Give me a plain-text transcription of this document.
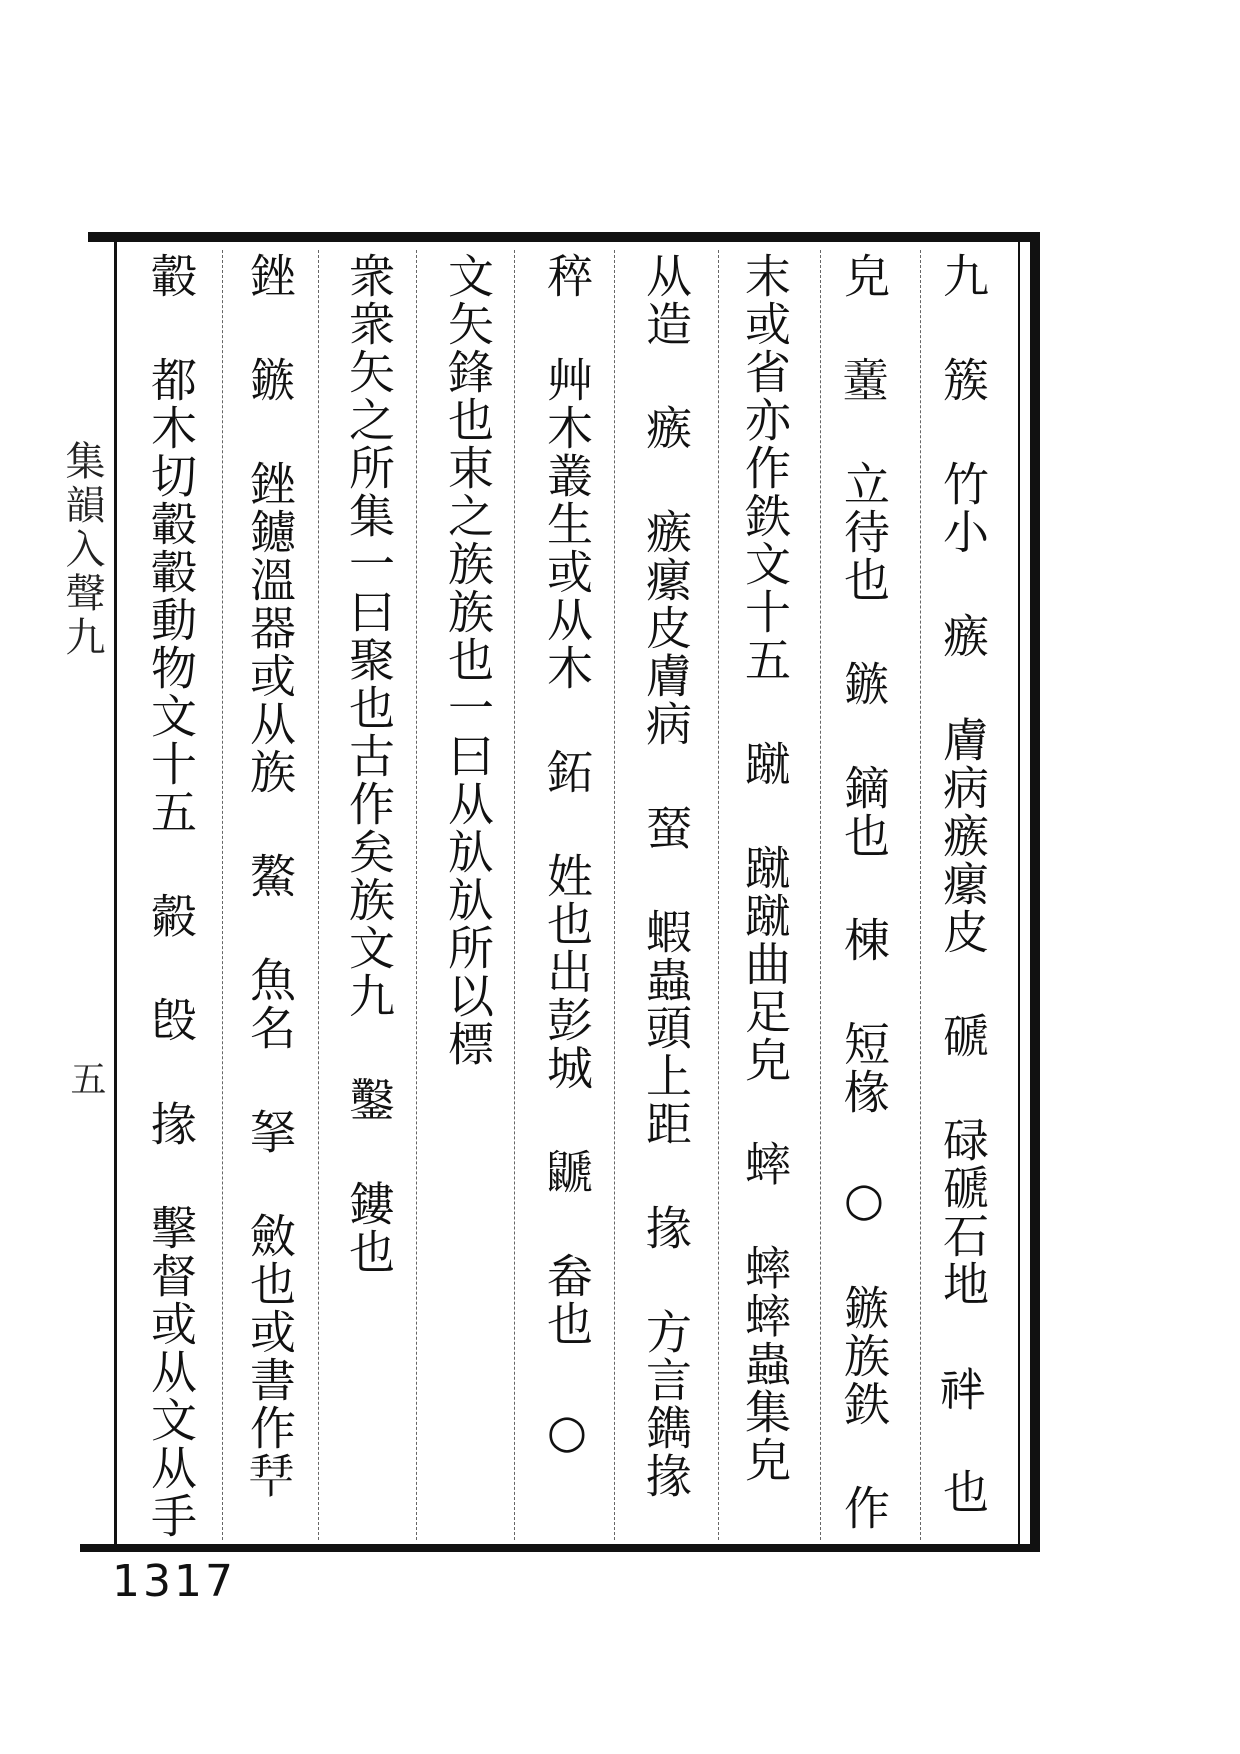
九 簇 竹小 瘯 膚病瘯瘰皮 磃 碌磃石地 𥘽 也
皃 𥫍 立待也 鏃 鏑也 棟 短椽 ○ 鏃族鉄 作
末或省亦作鉄文十五 蹴 蹴蹴曲足皃 蟀 蟀蟀蟲集皃
从造 瘯 瘯瘰皮膚病 蝅 蝦蟲頭上距 掾 方言鐫掾
稡 艸木叢生或从木 鉐 姓也出彭城 鼶 畚也 ○
文矢鋒也束之族族也一曰从㫃㫃所以標
衆衆矢之所集一曰聚也古作矣族文九 鑿 鏤也
銼 鏃 銼鑢溫器或从族 鰲 魚名 拏 斂也或書作𢫶
轂 都木切轂轂動物文十五 㲉 𣪘 掾 擊督或从文从手
集韻入聲九
五
1317
